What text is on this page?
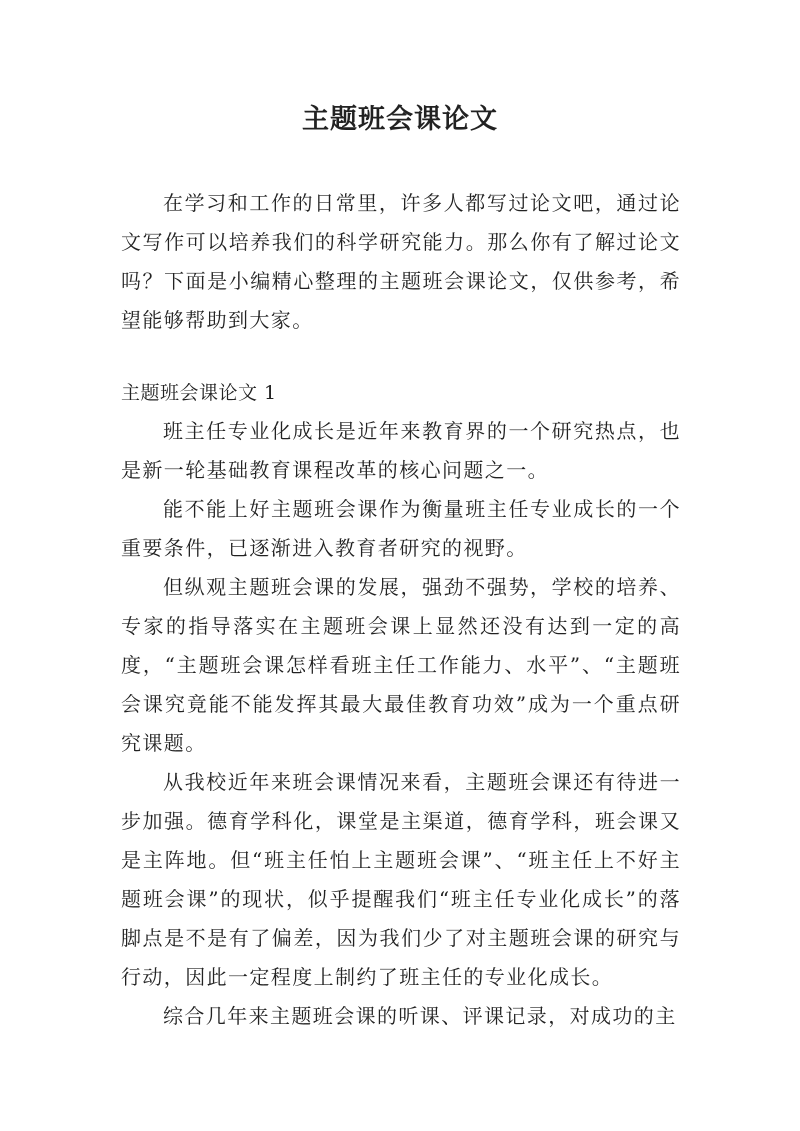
主题班会课论文

在学习和工作的日常里，许多人都写过论文吧，通过论文写作可以培养我们的科学研究能力。那么你有了解过论文吗？下面是小编精心整理的主题班会课论文，仅供参考，希望能够帮助到大家。

主题班会课论文 1

班主任专业化成长是近年来教育界的一个研究热点，也是新一轮基础教育课程改革的核心问题之一。

能不能上好主题班会课作为衡量班主任专业成长的一个重要条件，已逐渐进入教育者研究的视野。

但纵观主题班会课的发展，强劲不强势，学校的培养、专家的指导落实在主题班会课上显然还没有达到一定的高度，“主题班会课怎样看班主任工作能力、水平”、“主题班会课究竟能不能发挥其最大最佳教育功效”成为一个重点研究课题。

从我校近年来班会课情况来看，主题班会课还有待进一步加强。德育学科化，课堂是主渠道，德育学科，班会课又是主阵地。但“班主任怕上主题班会课”、“班主任上不好主题班会课”的现状，似乎提醒我们“班主任专业化成长”的落脚点是不是有了偏差，因为我们少了对主题班会课的研究与行动，因此一定程度上制约了班主任的专业化成长。

综合几年来主题班会课的听课、评课记录，对成功的主
